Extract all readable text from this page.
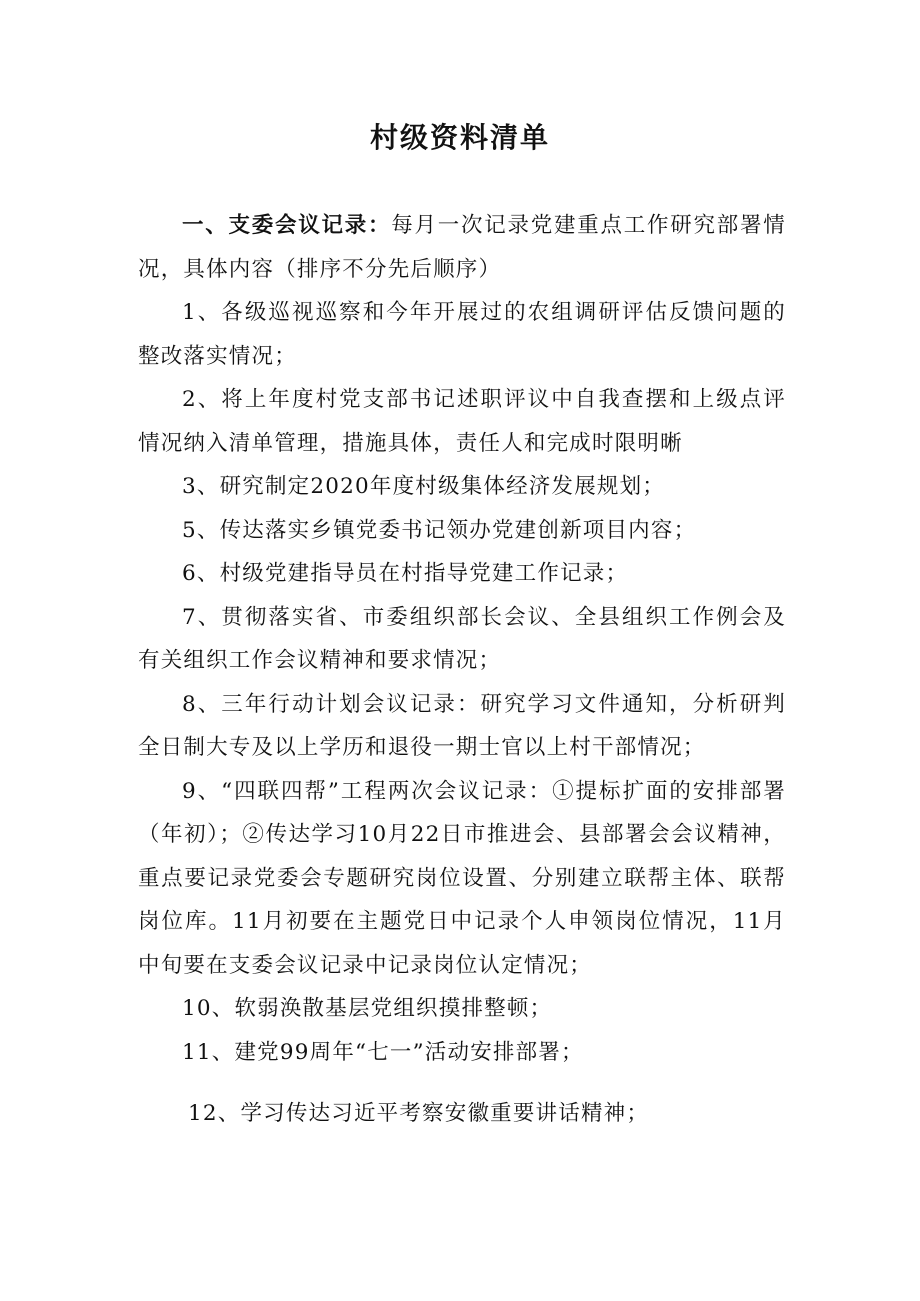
村级资料清单

一、支委会议记录：每月一次记录党建重点工作研究部署情况，具体内容（排序不分先后顺序）

1、各级巡视巡察和今年开展过的农组调研评估反馈问题的整改落实情况；

2、将上年度村党支部书记述职评议中自我查摆和上级点评情况纳入清单管理，措施具体，责任人和完成时限明晰

3、研究制定2020年度村级集体经济发展规划；

5、传达落实乡镇党委书记领办党建创新项目内容；

6、村级党建指导员在村指导党建工作记录；

7、贯彻落实省、市委组织部长会议、全县组织工作例会及有关组织工作会议精神和要求情况；

8、三年行动计划会议记录：研究学习文件通知，分析研判全日制大专及以上学历和退役一期士官以上村干部情况；

9、“四联四帮”工程两次会议记录：①提标扩面的安排部署（年初）；②传达学习10月22日市推进会、县部署会会议精神，重点要记录党委会专题研究岗位设置、分别建立联帮主体、联帮岗位库。11月初要在主题党日中记录个人申领岗位情况，11月中旬要在支委会议记录中记录岗位认定情况；

10、软弱涣散基层党组织摸排整顿；

11、建党99周年“七一”活动安排部署；

12、学习传达习近平考察安徽重要讲话精神；
